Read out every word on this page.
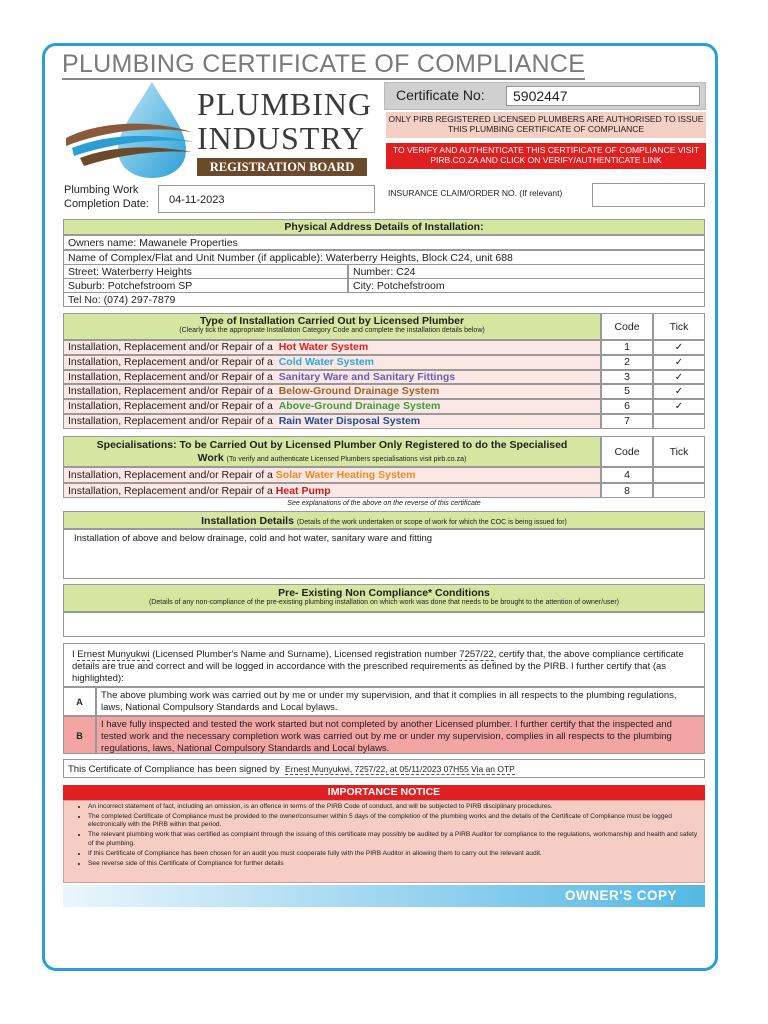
PLUMBING CERTIFICATE OF COMPLIANCE
PLUMBING
INDUSTRY
REGISTRATION BOARD
Certificate No:	5902447
ONLY PIRB REGISTERED LICENSED PLUMBERS ARE AUTHORISED TO ISSUE THIS PLUMBING CERTIFICATE OF COMPLIANCE
TO VERIFY AND AUTHENTICATE THIS CERTIFICATE OF COMPLIANCE VISIT PIRB.CO.ZA AND CLICK ON VERIFY/AUTHENTICATE LINK
Plumbing Work Completion Date:	04-11-2023
INSURANCE CLAIM/ORDER NO. (If relevant)
Physical Address Details of Installation:
Owners name: Mawanele Properties
Name of Complex/Flat and Unit Number (if applicable): Waterberry Heights, Block C24, unit 688
Street: Waterberry Heights	Number: C24
Suburb: Potchefstroom SP	City: Potchefstroom
Tel No: (074) 297-7879
Type of Installation Carried Out by Licensed Plumber
(Clearly tick the appropriate Installation Category Code and complete the installation details below)	Code	Tick
Installation, Replacement and/or Repair of a Hot Water System	1	✓
Installation, Replacement and/or Repair of a Cold Water System	2	✓
Installation, Replacement and/or Repair of a Sanitary Ware and Sanitary Fittings	3	✓
Installation, Replacement and/or Repair of a Below-Ground Drainage System	5	✓
Installation, Replacement and/or Repair of a Above-Ground Drainage System	6	✓
Installation, Replacement and/or Repair of a Rain Water Disposal System	7
Specialisations: To be Carried Out by Licensed Plumber Only Registered to do the Specialised
Work (To verify and authenticate Licensed Plumbers specialisations visit pirb.co.za)
Code	Tick
Installation, Replacement and/or Repair of a Solar Water Heating System	4
Installation, Replacement and/or Repair of a Heat Pump	8
See explanations of the above on the reverse of this certificate
Installation Details (Details of the work undertaken or scope of work for which the COC is being issued for)
Installation of above and below drainage, cold and hot water, sanitary ware and fitting
Pre- Existing Non Compliance* Conditions
(Details of any non-compliance of the pre-existing plumbing installation on which work was done that needs to be brought to the attention of owner/user)
I Ernest Munyukwi (Licensed Plumber's Name and Surname), Licensed registration number 7257/22, certify that, the above compliance certificate details are true and correct and will be logged in accordance with the prescribed requirements as defined by the PIRB. I further certify that (as highlighted):
A
The above plumbing work was carried out by me or under my supervision, and that it complies in all respects to the plumbing regulations, laws, National Compulsory Standards and Local bylaws.
B
I have fully inspected and tested the work started but not completed by another Licensed plumber. I further certify that the inspected and tested work and the necessary completion work was carried out by me or under my supervision, complies in all respects to the plumbing regulations, laws, National Compulsory Standards and Local bylaws.
This Certificate of Compliance has been signed by Ernest Munyukwi, 7257/22, at 05/11/2023 07H55 Via an OTP
IMPORTANCE NOTICE
• An incorrect statement of fact, including an omission, is an offence in terms of the PIRB Code of conduct, and will be subjected to PIRB disciplinary procedures.
• The completed Certificate of Compliance must be provided to the owner/consumer within 5 days of the completion of the plumbing works and the details of the Certificate of Compliance must be logged electronically with the PIRB within that period.
• The relevant plumbing work that was certified as complaint through the issuing of this certificate may possibly be audited by a PIRB Auditor for compliance to the regulations, workmanship and health and safety of the plumbing.
• If this Certificate of Compliance has been chosen for an audit you must cooperate fully with the PIRB Auditor in allowing them to carry out the relevant audit.
• See reverse side of this Certificate of Compliance for further details
OWNER'S COPY
